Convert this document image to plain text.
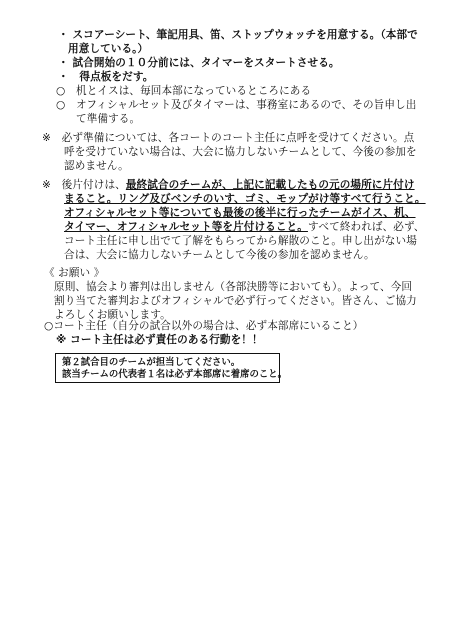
・ スコアーシート、筆記用具、笛、ストップウォッチを用意する。（本部で
用意している。）
・ 試合開始の１０分前には、タイマーをスタートさせる。
・　得点板をだす。
○　机とイスは、毎回本部になっているところにある
○　オフィシャルセット及びタイマーは、事務室にあるので、その旨申し出
て準備する。
※　必ず準備については、各コートのコート主任に点呼を受けてください。点
呼を受けていない場合は、大会に協力しないチームとして、今後の参加を
認めません。
※　後片付けは、最終試合のチームが、上記に記載したもの元の場所に片付け
まること。リング及びベンチのいす、ゴミ、モップがけ等すべて行うこと。
オフィシャルセット等についても最後の後半に行ったチームがイス、机、
タイマー、オフィシャルセット等を片付けること。すべて終われば、必ず、
コート主任に申し出でて了解をもらってから解散のこと。申し出がない場
合は、大会に協力しないチームとして今後の参加を認めません。
《 お願い 》
原則、協会より審判は出しません（各部決勝等においても）。よって、今回
割り当てた審判およびオフィシャルで必ず行ってください。皆さん、ご協力
よろしくお願いします。
○コート主任（自分の試合以外の場合は、必ず本部席にいること）
※ コート主任は必ず責任のある行動を！！
第２試合目のチームが担当してください。
該当チームの代表者１名は必ず本部席に着席のこと。
